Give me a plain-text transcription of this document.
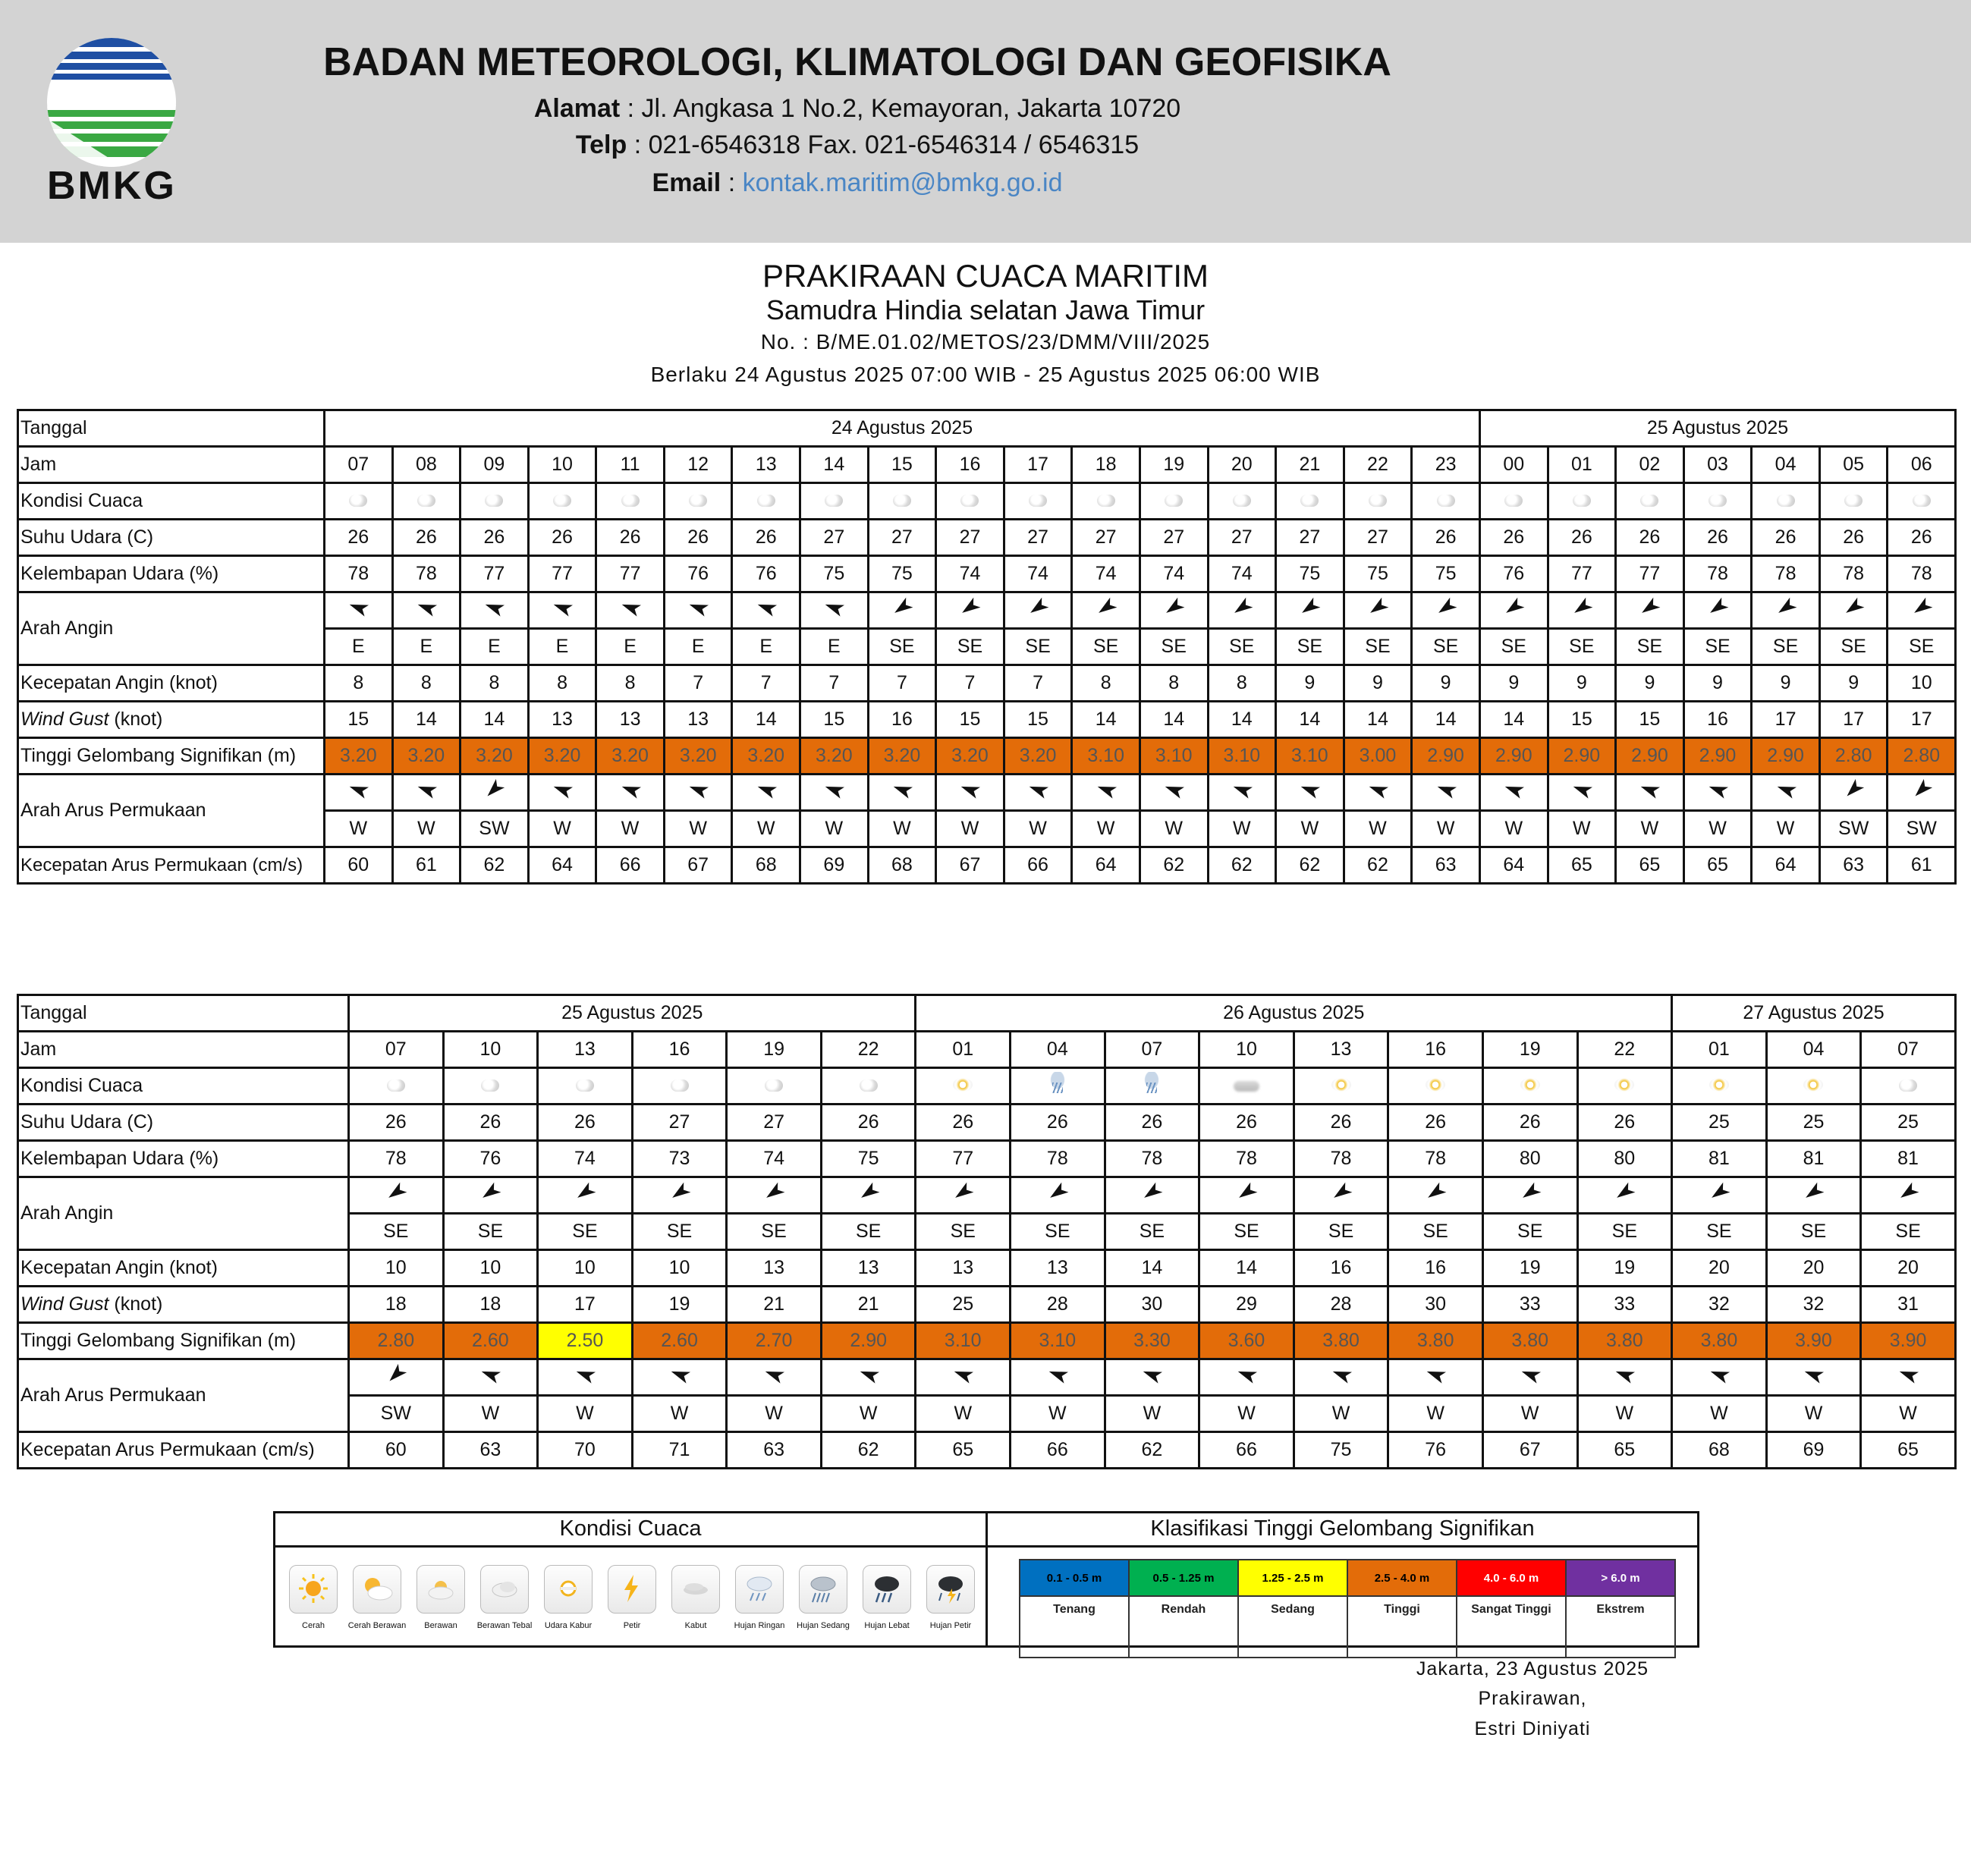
BMKG
BADAN METEOROLOGI, KLIMATOLOGI DAN GEOFISIKA
Alamat : Jl. Angkasa 1 No.2, Kemayoran, Jakarta 10720
Telp : 021-6546318 Fax. 021-6546314 / 6546315
Email : kontak.maritim@bmkg.go.id
PRAKIRAAN CUACA MARITIM
Samudra Hindia selatan Jawa Timur
No. : B/ME.01.02/METOS/23/DMM/VIII/2025
Berlaku 24 Agustus 2025 07:00 WIB - 25 Agustus 2025 06:00 WIB
Tanggal	24 Agustus 2025																	25 Agustus 2025						
Jam	07	08	09	10	11	12	13	14	15	16	17	18	19	20	21	22	23	00	01	02	03	04	05	06
Kondisi Cuaca																								
Suhu Udara (C)	26	26	26	26	26	26	26	27	27	27	27	27	27	27	27	27	26	26	26	26	26	26	26	26
Kelembapan Udara (%)	78	78	77	77	77	76	76	75	75	74	74	74	74	74	75	75	75	76	77	77	78	78	78	78
Arah Angin																								
	E	E	E	E	E	E	E	E	SE	SE	SE	SE	SE	SE	SE	SE	SE	SE	SE	SE	SE	SE	SE	SE
Kecepatan Angin (knot)	8	8	8	8	8	7	7	7	7	7	7	8	8	8	9	9	9	9	9	9	9	9	9	10
Wind Gust (knot)	15	14	14	13	13	13	14	15	16	15	15	14	14	14	14	14	14	14	15	15	16	17	17	17
Tinggi Gelombang Signifikan (m)	3.20	3.20	3.20	3.20	3.20	3.20	3.20	3.20	3.20	3.20	3.20	3.10	3.10	3.10	3.10	3.00	2.90	2.90	2.90	2.90	2.90	2.90	2.80	2.80
Arah Arus Permukaan																								
	W	W	SW	W	W	W	W	W	W	W	W	W	W	W	W	W	W	W	W	W	W	W	SW	SW
Kecepatan Arus Permukaan (cm/s)	60	61	62	64	66	67	68	69	68	67	66	64	62	62	62	62	63	64	65	65	65	64	63	61
Tanggal	25 Agustus 2025						26 Agustus 2025								27 Agustus 2025		
Jam	07	10	13	16	19	22	01	04	07	10	13	16	19	22	01	04	07
Kondisi Cuaca																	
Suhu Udara (C)	26	26	26	27	27	26	26	26	26	26	26	26	26	26	25	25	25
Kelembapan Udara (%)	78	76	74	73	74	75	77	78	78	78	78	78	80	80	81	81	81
Arah Angin																	
	SE	SE	SE	SE	SE	SE	SE	SE	SE	SE	SE	SE	SE	SE	SE	SE	SE
Kecepatan Angin (knot)	10	10	10	10	13	13	13	13	14	14	16	16	19	19	20	20	20
Wind Gust (knot)	18	18	17	19	21	21	25	28	30	29	28	30	33	33	32	32	31
Tinggi Gelombang Signifikan (m)	2.80	2.60	2.50	2.60	2.70	2.90	3.10	3.10	3.30	3.60	3.80	3.80	3.80	3.80	3.80	3.90	3.90
Arah Arus Permukaan																	
	SW	W	W	W	W	W	W	W	W	W	W	W	W	W	W	W	W
Kecepatan Arus Permukaan (cm/s)	60	63	70	71	63	62	65	66	62	66	75	76	67	65	68	69	65
Kondisi Cuaca
Cerah	Cerah Berawan	Berawan	Berawan Tebal	Udara Kabur	Petir	Kabut	Hujan Ringan	Hujan Sedang	Hujan Lebat	Hujan Petir
Klasifikasi Tinggi Gelombang Signifikan
0.1 - 0.5 m	0.5 - 1.25 m	1.25 - 2.5 m	2.5 - 4.0 m	4.0 - 6.0 m	> 6.0 m
Tenang	Rendah	Sedang	Tinggi	Sangat Tinggi	Ekstrem
Jakarta, 23 Agustus 2025
Prakirawan,
Estri Diniyati
